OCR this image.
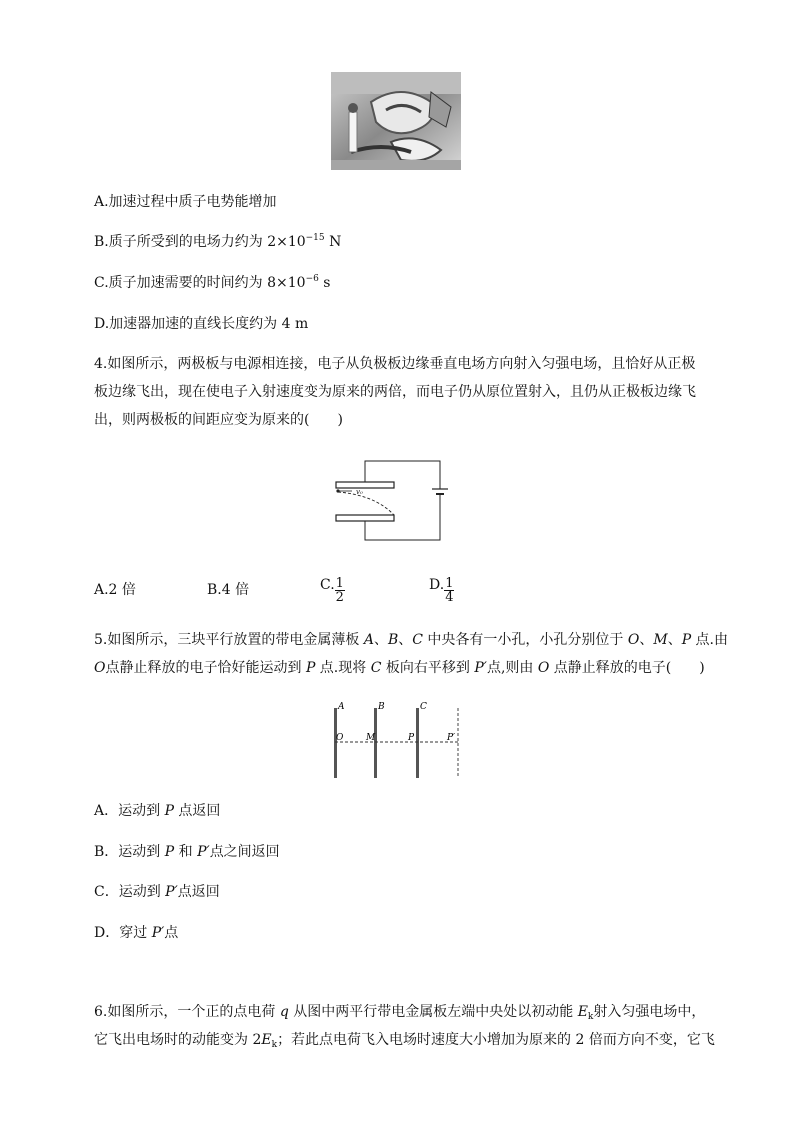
A.加速过程中质子电势能增加
B.质子所受到的电场力约为 $2\times 10^{-15}$ N
C.质子加速需要的时间约为 $8\times 10^{-6}$ s
D.加速器加速的直线长度约为 4 m
4.如图所示，两极板与电源相连接，电子从负极板边缘垂直电场方向射入匀强电场，且恰好从正极
板边缘飞出，现在使电子入射速度变为原来的两倍，而电子仍从原位置射入，且仍从正极板边缘飞
出，则两极板的间距应变为原来的(　　)
v₀
A.2 倍	B.4 倍	C. $\frac{1}{2}$	D. $\frac{1}{4}$
5.如图所示，三块平行放置的带电金属薄板 A、B、C 中央各有一小孔，小孔分别位于 O、M、P 点.由
O点静止释放的电子恰好能运动到 P 点.现将 C 板向右平移到 P′点,则由 O 点静止释放的电子(　　)
A	B	C
O	M	P	P′
A．运动到 P 点返回
B．运动到 P 和 P′点之间返回
C．运动到 P′点返回
D．穿过 P′点
6.如图所示，一个正的点电荷 q 从图中两平行带电金属板左端中央处以初动能 $E_k$射入匀强电场中，
它飞出电场时的动能变为 $2E_k$；若此点电荷飞入电场时速度大小增加为原来的 2 倍而方向不变，它飞
